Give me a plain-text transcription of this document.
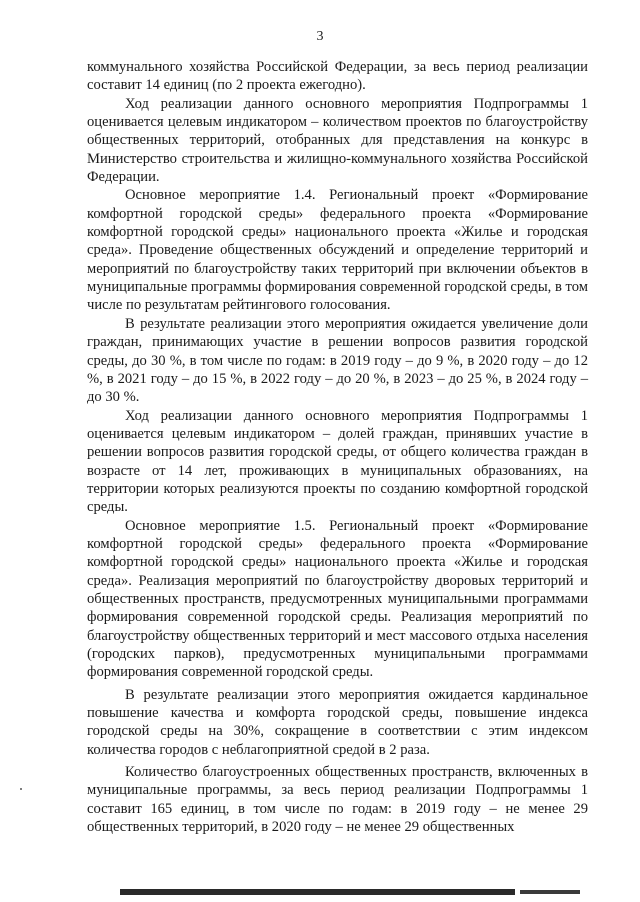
3

коммунального хозяйства Российской Федерации, за весь период реализации составит 14 единиц (по 2 проекта ежегодно).

Ход реализации данного основного мероприятия Подпрограммы 1 оценивается целевым индикатором – количеством проектов по благоустройству общественных территорий, отобранных для представления на конкурс в Министерство строительства и жилищно-коммунального хозяйства Российской Федерации.

Основное мероприятие 1.4. Региональный проект «Формирование комфортной городской среды» федерального проекта «Формирование комфортной городской среды» национального проекта «Жилье и городская среда». Проведение общественных обсуждений и определение территорий и мероприятий по благоустройству таких территорий при включении объектов в муниципальные программы формирования современной городской среды, в том числе по результатам рейтингового голосования.

В результате реализации этого мероприятия ожидается увеличение доли граждан, принимающих участие в решении вопросов развития городской среды, до 30 %, в том числе по годам: в 2019 году – до 9 %, в 2020 году – до 12 %, в 2021 году – до 15 %, в 2022 году – до 20 %, в 2023 – до 25 %, в 2024 году – до 30 %.

Ход реализации данного основного мероприятия Подпрограммы 1 оценивается целевым индикатором – долей граждан, принявших участие в решении вопросов развития городской среды, от общего количества граждан в возрасте от 14 лет, проживающих в муниципальных образованиях, на территории которых реализуются проекты по созданию комфортной городской среды.

Основное мероприятие 1.5. Региональный проект «Формирование комфортной городской среды» федерального проекта «Формирование комфортной городской среды» национального проекта «Жилье и городская среда». Реализация мероприятий по благоустройству дворовых территорий и общественных пространств, предусмотренных муниципальными программами формирования современной городской среды. Реализация мероприятий по благоустройству общественных территорий и мест массового отдыха населения (городских парков), предусмотренных муниципальными программами формирования современной городской среды.

В результате реализации этого мероприятия ожидается кардинальное повышение качества и комфорта городской среды, повышение индекса городской среды на 30%, сокращение в соответствии с этим индексом количества городов с неблагоприятной средой в 2 раза.

Количество благоустроенных общественных пространств, включенных в муниципальные программы, за весь период реализации Подпрограммы 1 составит 165 единиц, в том числе по годам: в 2019 году – не менее 29 общественных территорий, в 2020 году – не менее 29 общественных
